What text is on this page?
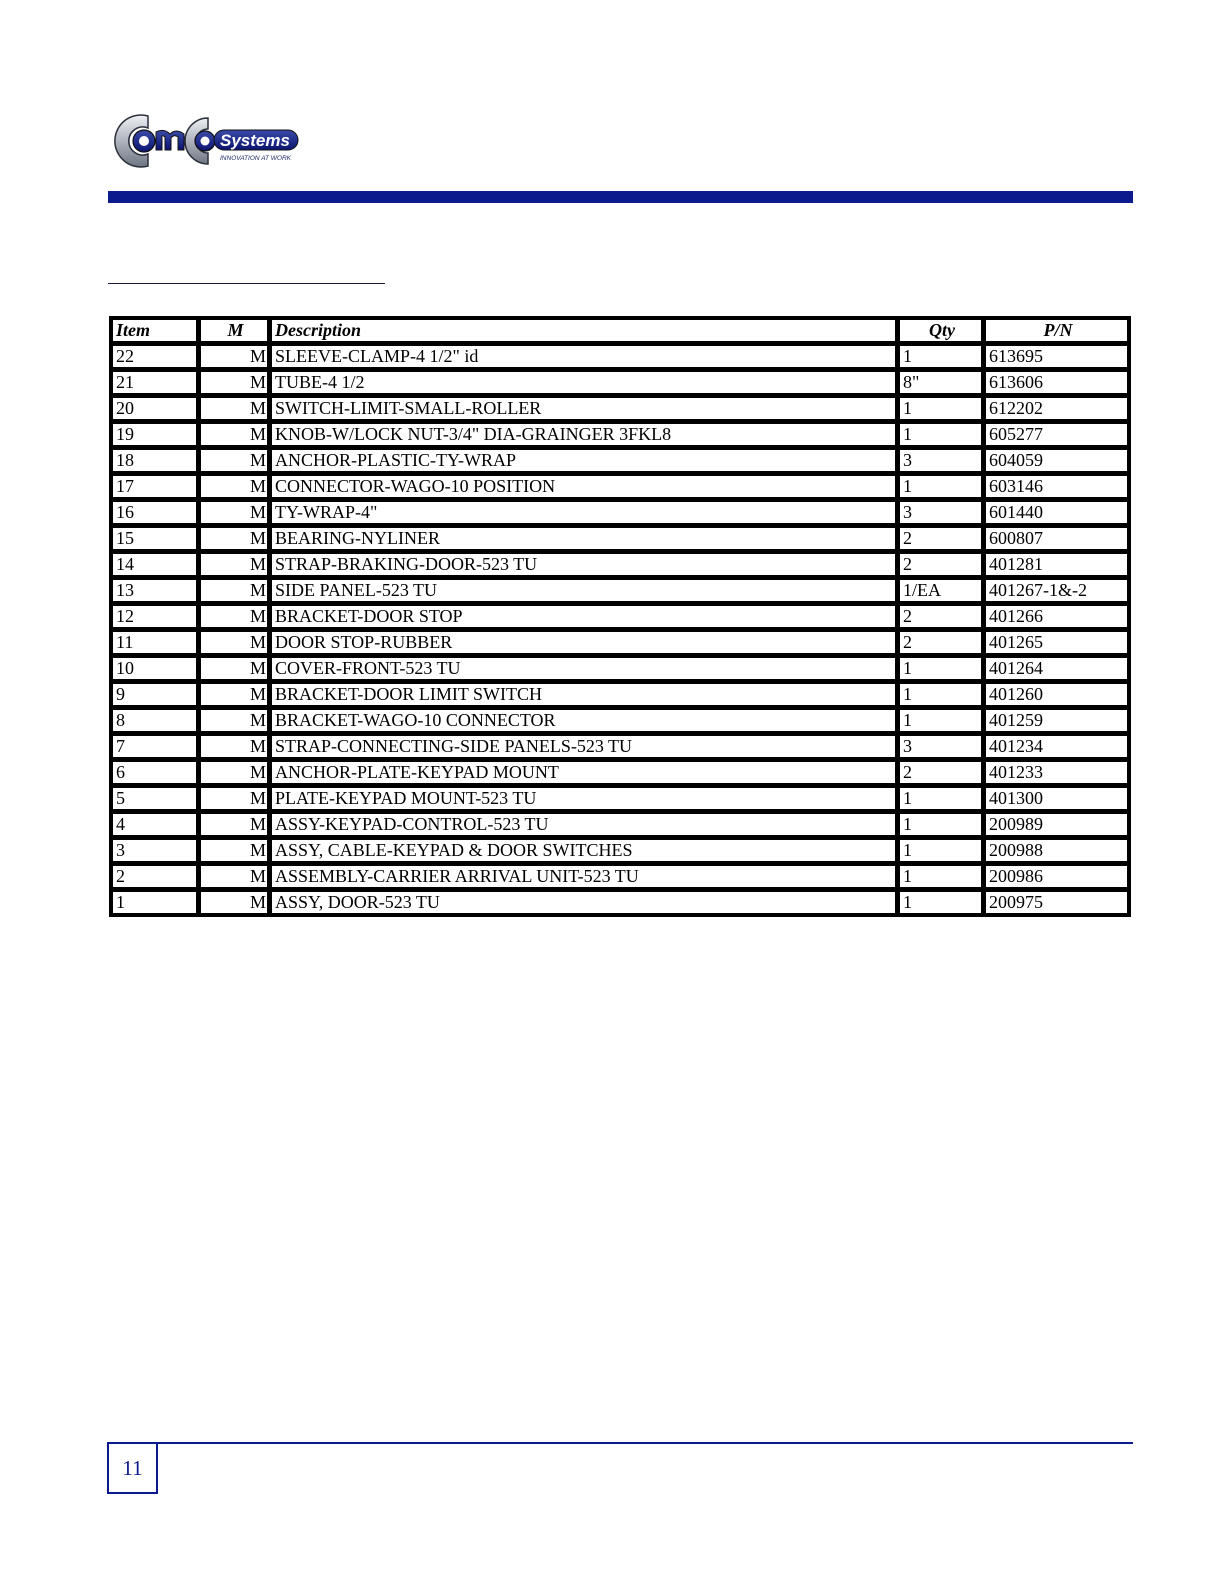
Systems
INNOVATION AT WORK
Item	M	Description	Qty	P/N
22	M	SLEEVE-CLAMP-4 1/2" id	1	613695
21	M	TUBE-4 1/2	8"	613606
20	M	SWITCH-LIMIT-SMALL-ROLLER	1	612202
19	M	KNOB-W/LOCK NUT-3/4" DIA-GRAINGER 3FKL8	1	605277
18	M	ANCHOR-PLASTIC-TY-WRAP	3	604059
17	M	CONNECTOR-WAGO-10 POSITION	1	603146
16	M	TY-WRAP-4"	3	601440
15	M	BEARING-NYLINER	2	600807
14	M	STRAP-BRAKING-DOOR-523 TU	2	401281
13	M	SIDE PANEL-523 TU	1/EA	401267-1&-2
12	M	BRACKET-DOOR STOP	2	401266
11	M	DOOR STOP-RUBBER	2	401265
10	M	COVER-FRONT-523 TU	1	401264
9	M	BRACKET-DOOR LIMIT SWITCH	1	401260
8	M	BRACKET-WAGO-10 CONNECTOR	1	401259
7	M	STRAP-CONNECTING-SIDE PANELS-523 TU	3	401234
6	M	ANCHOR-PLATE-KEYPAD MOUNT	2	401233
5	M	PLATE-KEYPAD MOUNT-523 TU	1	401300
4	M	ASSY-KEYPAD-CONTROL-523 TU	1	200989
3	M	ASSY, CABLE-KEYPAD & DOOR SWITCHES	1	200988
2	M	ASSEMBLY-CARRIER ARRIVAL UNIT-523 TU	1	200986
1	M	ASSY, DOOR-523 TU	1	200975
11
